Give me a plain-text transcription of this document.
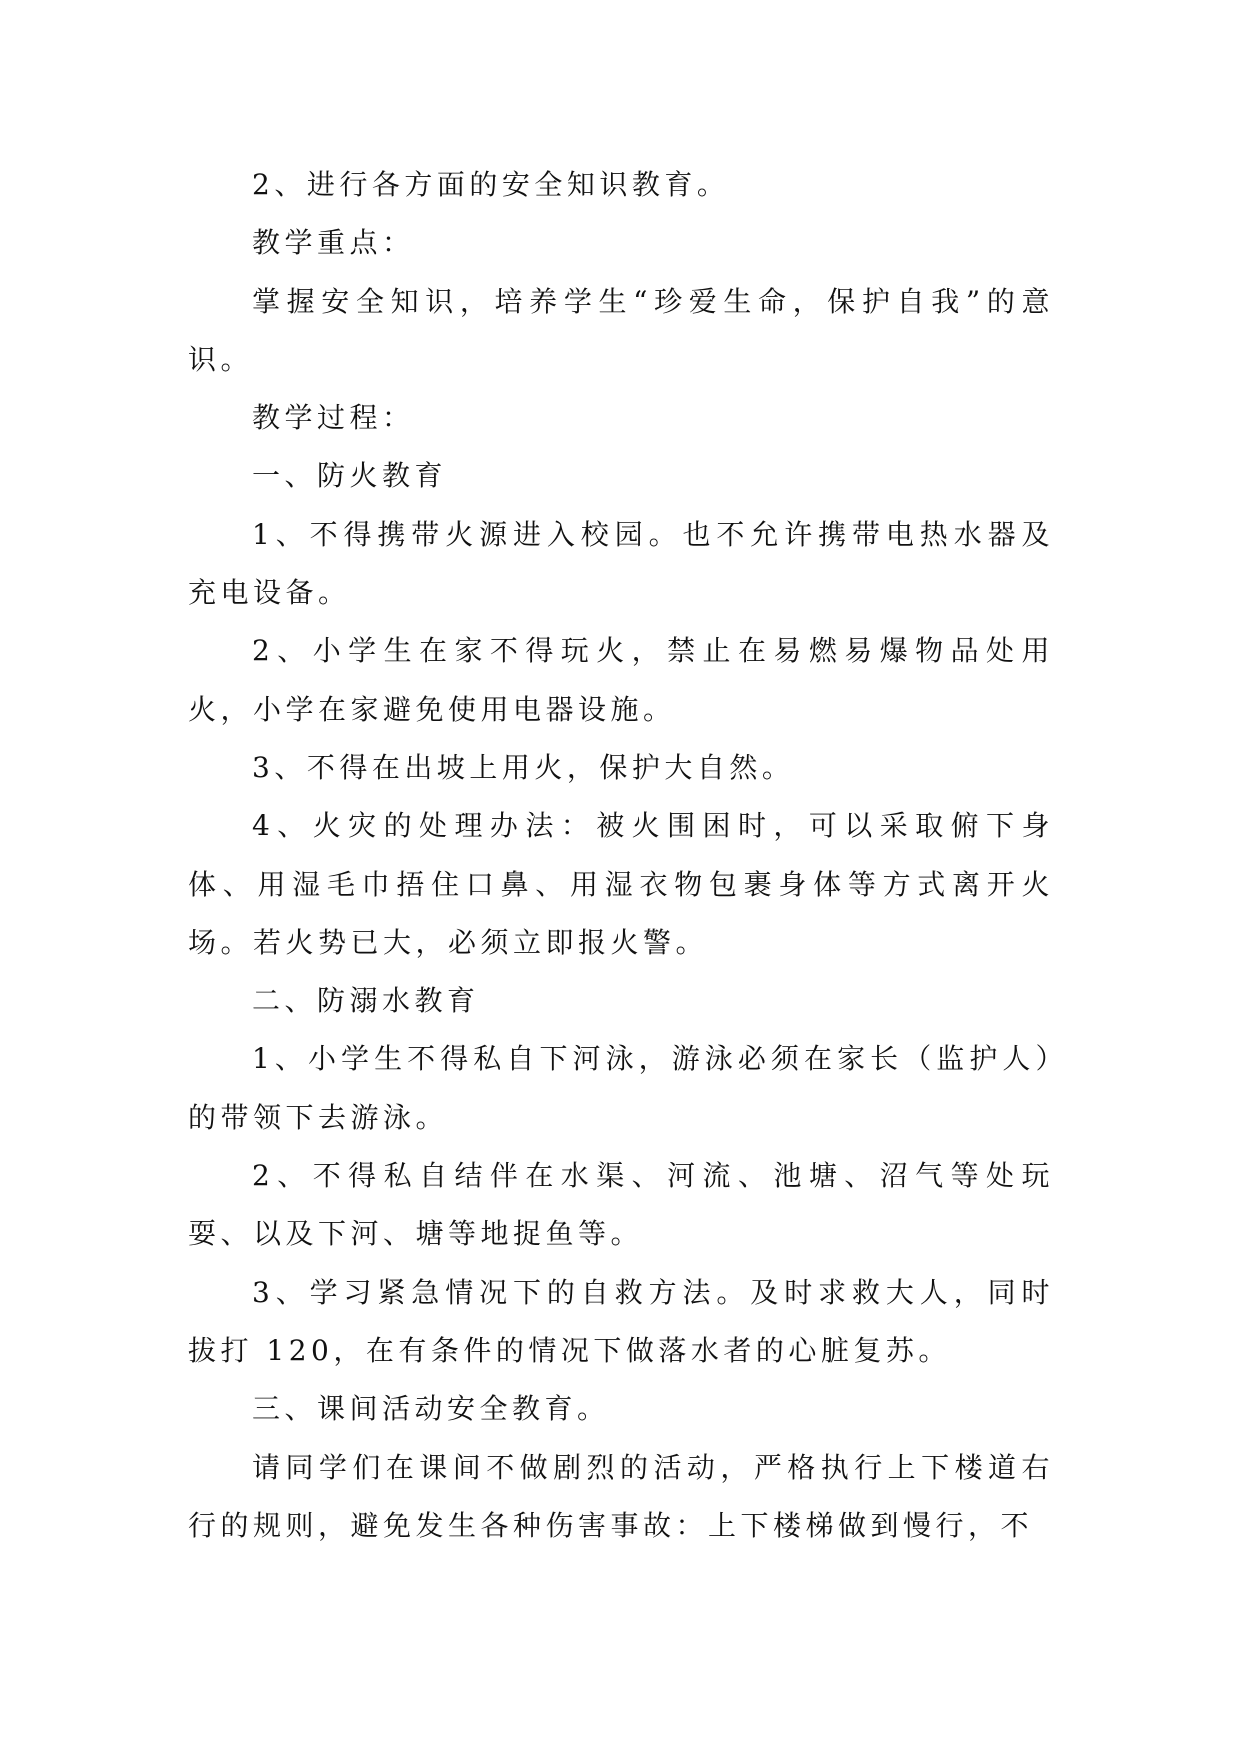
2、进行各方面的安全知识教育。

教学重点：

掌握安全知识，培养学生“珍爱生命，保护自我”的意识。

教学过程：

一、防火教育

1、不得携带火源进入校园。也不允许携带电热水器及充电设备。

2、小学生在家不得玩火，禁止在易燃易爆物品处用火，小学在家避免使用电器设施。

3、不得在出坡上用火，保护大自然。

4、火灾的处理办法：被火围困时，可以采取俯下身体、用湿毛巾捂住口鼻、用湿衣物包裹身体等方式离开火场。若火势已大，必须立即报火警。

二、防溺水教育

1、小学生不得私自下河泳，游泳必须在家长（监护人）的带领下去游泳。

2、不得私自结伴在水渠、河流、池塘、沼气等处玩耍、以及下河、塘等地捉鱼等。

3、学习紧急情况下的自救方法。及时求救大人，同时拔打 120，在有条件的情况下做落水者的心脏复苏。

三、课间活动安全教育。

请同学们在课间不做剧烈的活动，严格执行上下楼道右行的规则，避免发生各种伤害事故：上下楼梯做到慢行，不
